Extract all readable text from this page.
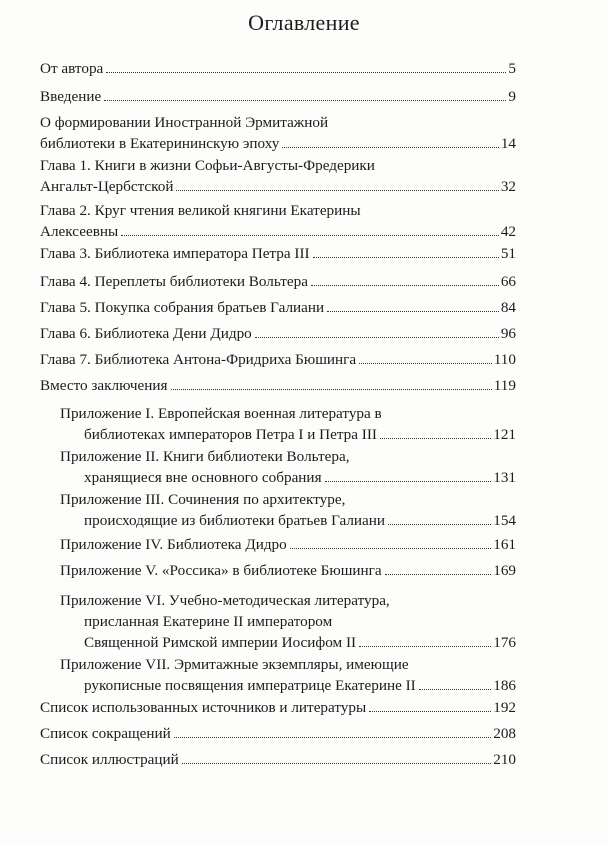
Оглавление
От автора	5
Введение	9
О формировании Иностранной Эрмитажной
библиотеки в Екатерининскую эпоху	14
Глава 1. Книги в жизни Софьи-Августы-Фредерики
Ангальт-Цербстской	32
Глава 2. Круг чтения великой княгини Екатерины
Алексеевны	42
Глава 3. Библиотека императора Петра III	51
Глава 4. Переплеты библиотеки Вольтера	66
Глава 5. Покупка собрания братьев Галиани	84
Глава 6. Библиотека Дени Дидро	96
Глава 7. Библиотека Антона-Фридриха Бюшинга	110
Вместо заключения	119
Приложение I. Европейская военная литература в
библиотеках императоров Петра I и Петра III	121
Приложение II. Книги библиотеки Вольтера,
хранящиеся вне основного собрания	131
Приложение III. Сочинения по архитектуре,
происходящие из библиотеки братьев Галиани	154
Приложение IV. Библиотека Дидро	161
Приложение V. «Россика» в библиотеке Бюшинга	169
Приложение VI. Учебно-методическая литература,
присланная Екатерине II императором
Священной Римской империи Иосифом II	176
Приложение VII. Эрмитажные экземпляры, имеющие
рукописные посвящения императрице Екатерине II	186
Список использованных источников и литературы	192
Список сокращений	208
Список иллюстраций	210
